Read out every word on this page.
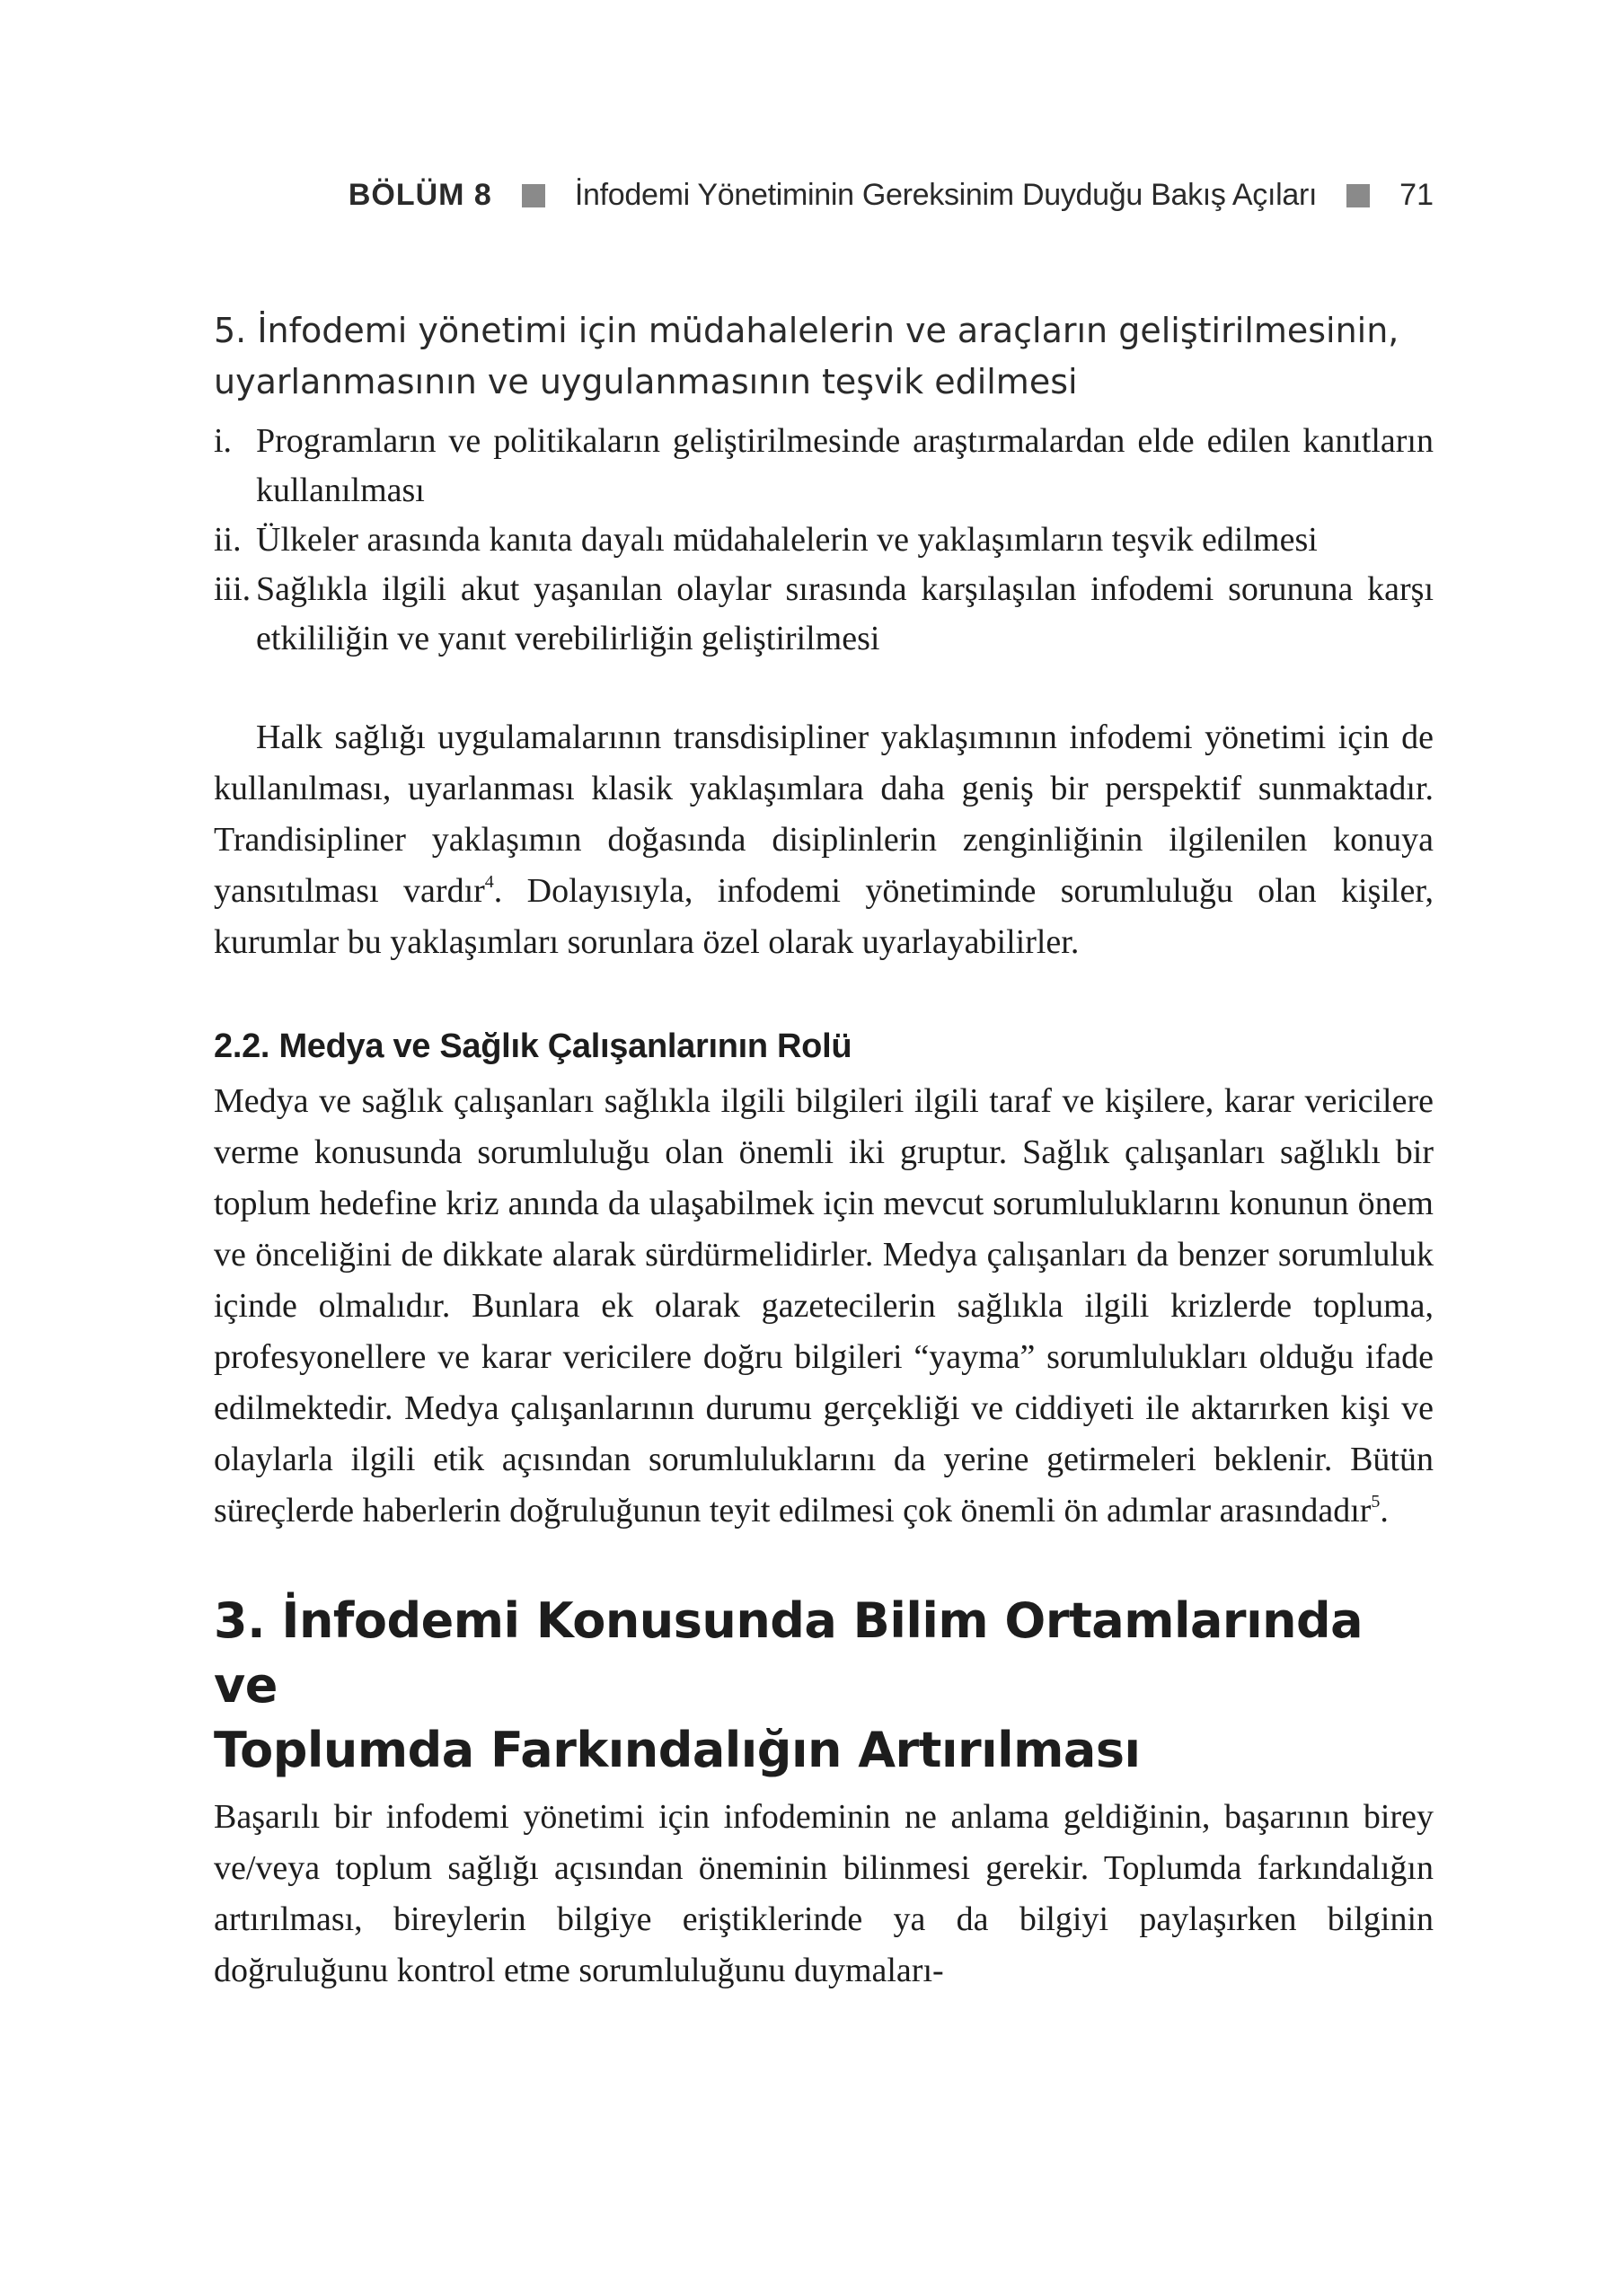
BÖLÜM 8	İnfodemi Yönetiminin Gereksinim Duyduğu Bakış Açıları	71

5. İnfodemi yönetimi için müdahalelerin ve araçların geliştirilmesinin,
uyarlanmasının ve uygulanmasının teşvik edilmesi

i. Programların ve politikaların geliştirilmesinde araştırmalardan elde edilen kanıtların kullanılması
ii. Ülkeler arasında kanıta dayalı müdahalelerin ve yaklaşımların teşvik edilmesi
iii. Sağlıkla ilgili akut yaşanılan olaylar sırasında karşılaşılan infodemi sorununa karşı etkililiğin ve yanıt verebilirliğin geliştirilmesi

Halk sağlığı uygulamalarının transdisipliner yaklaşımının infodemi yönetimi için de kullanılması, uyarlanması klasik yaklaşımlara daha geniş bir perspektif sunmaktadır. Trandisipliner yaklaşımın doğasında disiplinlerin zenginliğinin ilgilenilen konuya yansıtılması vardır$^4$. Dolayısıyla, infodemi yönetiminde sorumluluğu olan kişiler, kurumlar bu yaklaşımları sorunlara özel olarak uyarlayabilirler.

2.2. Medya ve Sağlık Çalışanlarının Rolü

Medya ve sağlık çalışanları sağlıkla ilgili bilgileri ilgili taraf ve kişilere, karar vericilere verme konusunda sorumluluğu olan önemli iki gruptur. Sağlık çalışanları sağlıklı bir toplum hedefine kriz anında da ulaşabilmek için mevcut sorumluluklarını konunun önem ve önceliğini de dikkate alarak sürdürmelidirler. Medya çalışanları da benzer sorumluluk içinde olmalıdır. Bunlara ek olarak gazetecilerin sağlıkla ilgili krizlerde topluma, profesyonellere ve karar vericilere doğru bilgileri “yayma” sorumlulukları olduğu ifade edilmektedir. Medya çalışanlarının durumu gerçekliği ve ciddiyeti ile aktarırken kişi ve olaylarla ilgili etik açısından sorumluluklarını da yerine getirmeleri beklenir. Bütün süreçlerde haberlerin doğruluğunun teyit edilmesi çok önemli ön adımlar arasındadır$^5$.

3. İnfodemi Konusunda Bilim Ortamlarında ve
Toplumda Farkındalığın Artırılması

Başarılı bir infodemi yönetimi için infodeminin ne anlama geldiğinin, başarının birey ve/veya toplum sağlığı açısından öneminin bilinmesi gerekir. Toplumda farkındalığın artırılması, bireylerin bilgiye eriştiklerinde ya da bilgiyi paylaşırken bilginin doğruluğunu kontrol etme sorumluluğunu duymaları-
